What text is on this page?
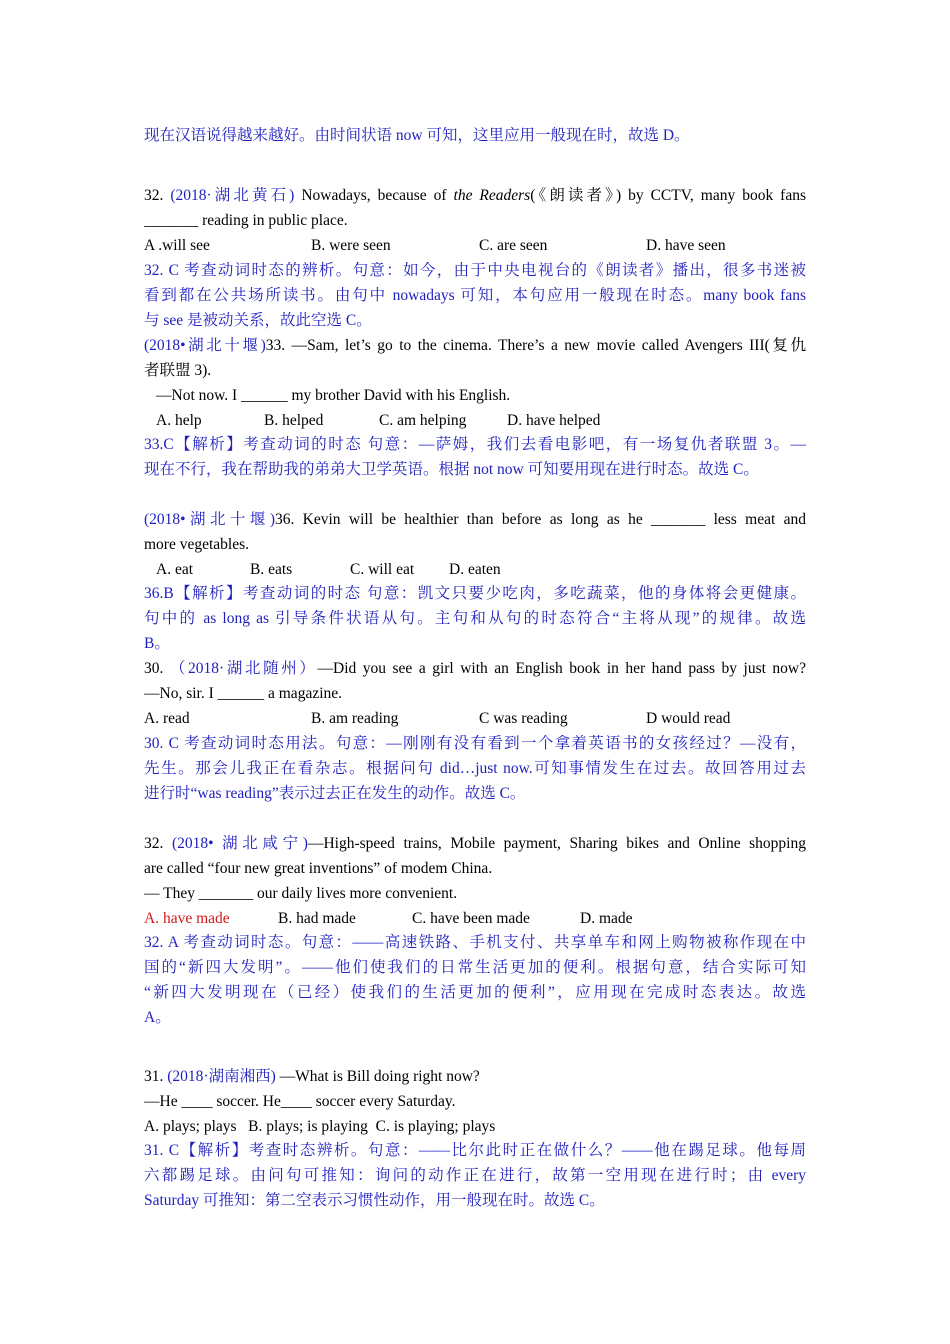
现在汉语说得越来越好。由时间状语 now 可知，这里应用一般现在时，故选 D。
32. (2018·湖北黄石) Nowadays, because of the Readers(《朗读者》) by CCTV, many book fans
_______ reading in public place.
A .will see	B. were seen	C. are seen	D. have seen
32. C 考查动词时态的辨析。句意：如今，由于中央电视台的《朗读者》播出，很多书迷被
看到都在公共场所读书。由句中 nowadays 可知，本句应用一般现在时态。many book fans
与 see 是被动关系，故此空选 C。
(2018•湖北十堰)33. —Sam, let’s go to the cinema. There’s a new movie called Avengers III(复仇
者联盟 3).
—Not now. I ______ my brother David with his English.
A. help	B. helped	C. am helping	D. have helped
33.C【解析】考查动词的时态 句意：—萨姆，我们去看电影吧，有一场复仇者联盟 3。—
现在不行，我在帮助我的弟弟大卫学英语。根据 not now 可知要用现在进行时态。故选 C。
(2018•湖北十堰)36. Kevin will be healthier than before as long as he _______ less meat and
more vegetables.
A. eat	B. eats	C. will eat D. eaten
36.B【解析】考查动词的时态 句意：凯文只要少吃肉，多吃蔬菜，他的身体将会更健康。
句中的 as long as 引导条件状语从句。主句和从句的时态符合“主将从现”的规律。故选
B。
30. （2018·湖北随州）—Did you see a girl with an English book in her hand pass by just now?
—No, sir. I ______ a magazine.
A. read	B. am reading	C was reading	D would read
30. C 考查动词时态用法。句意：—刚刚有没有看到一个拿着英语书的女孩经过？—没有，
先生。那会儿我正在看杂志。根据问句 did…just now.可知事情发生在过去。故回答用过去
进行时“was reading”表示过去正在发生的动作。故选 C。
32. (2018• 湖北咸宁)—High-speed trains, Mobile payment, Sharing bikes and Online shopping
are called “four new great inventions” of modem China.
— They _______ our daily lives more convenient.
A. have made	B. had made	C. have been made	D. made
32. A 考查动词时态。句意：——高速铁路、手机支付、共享单车和网上购物被称作现在中
国的“新四大发明”。——他们使我们的日常生活更加的便利。根据句意，结合实际可知
“新四大发明现在（已经）使我们的生活更加的便利”，应用现在完成时态表达。故选
A。
31. (2018·湖南湘西) —What is Bill doing right now?
—He ____ soccer. He____ soccer every Saturday.
A. plays; plays   B. plays; is playing  C. is playing; plays
31. C【解析】考查时态辨析。句意：——比尔此时正在做什么？——他在踢足球。他每周
六都踢足球。由问句可推知：询问的动作正在进行，故第一空用现在进行时；由 every
Saturday 可推知：第二空表示习惯性动作，用一般现在时。故选 C。
